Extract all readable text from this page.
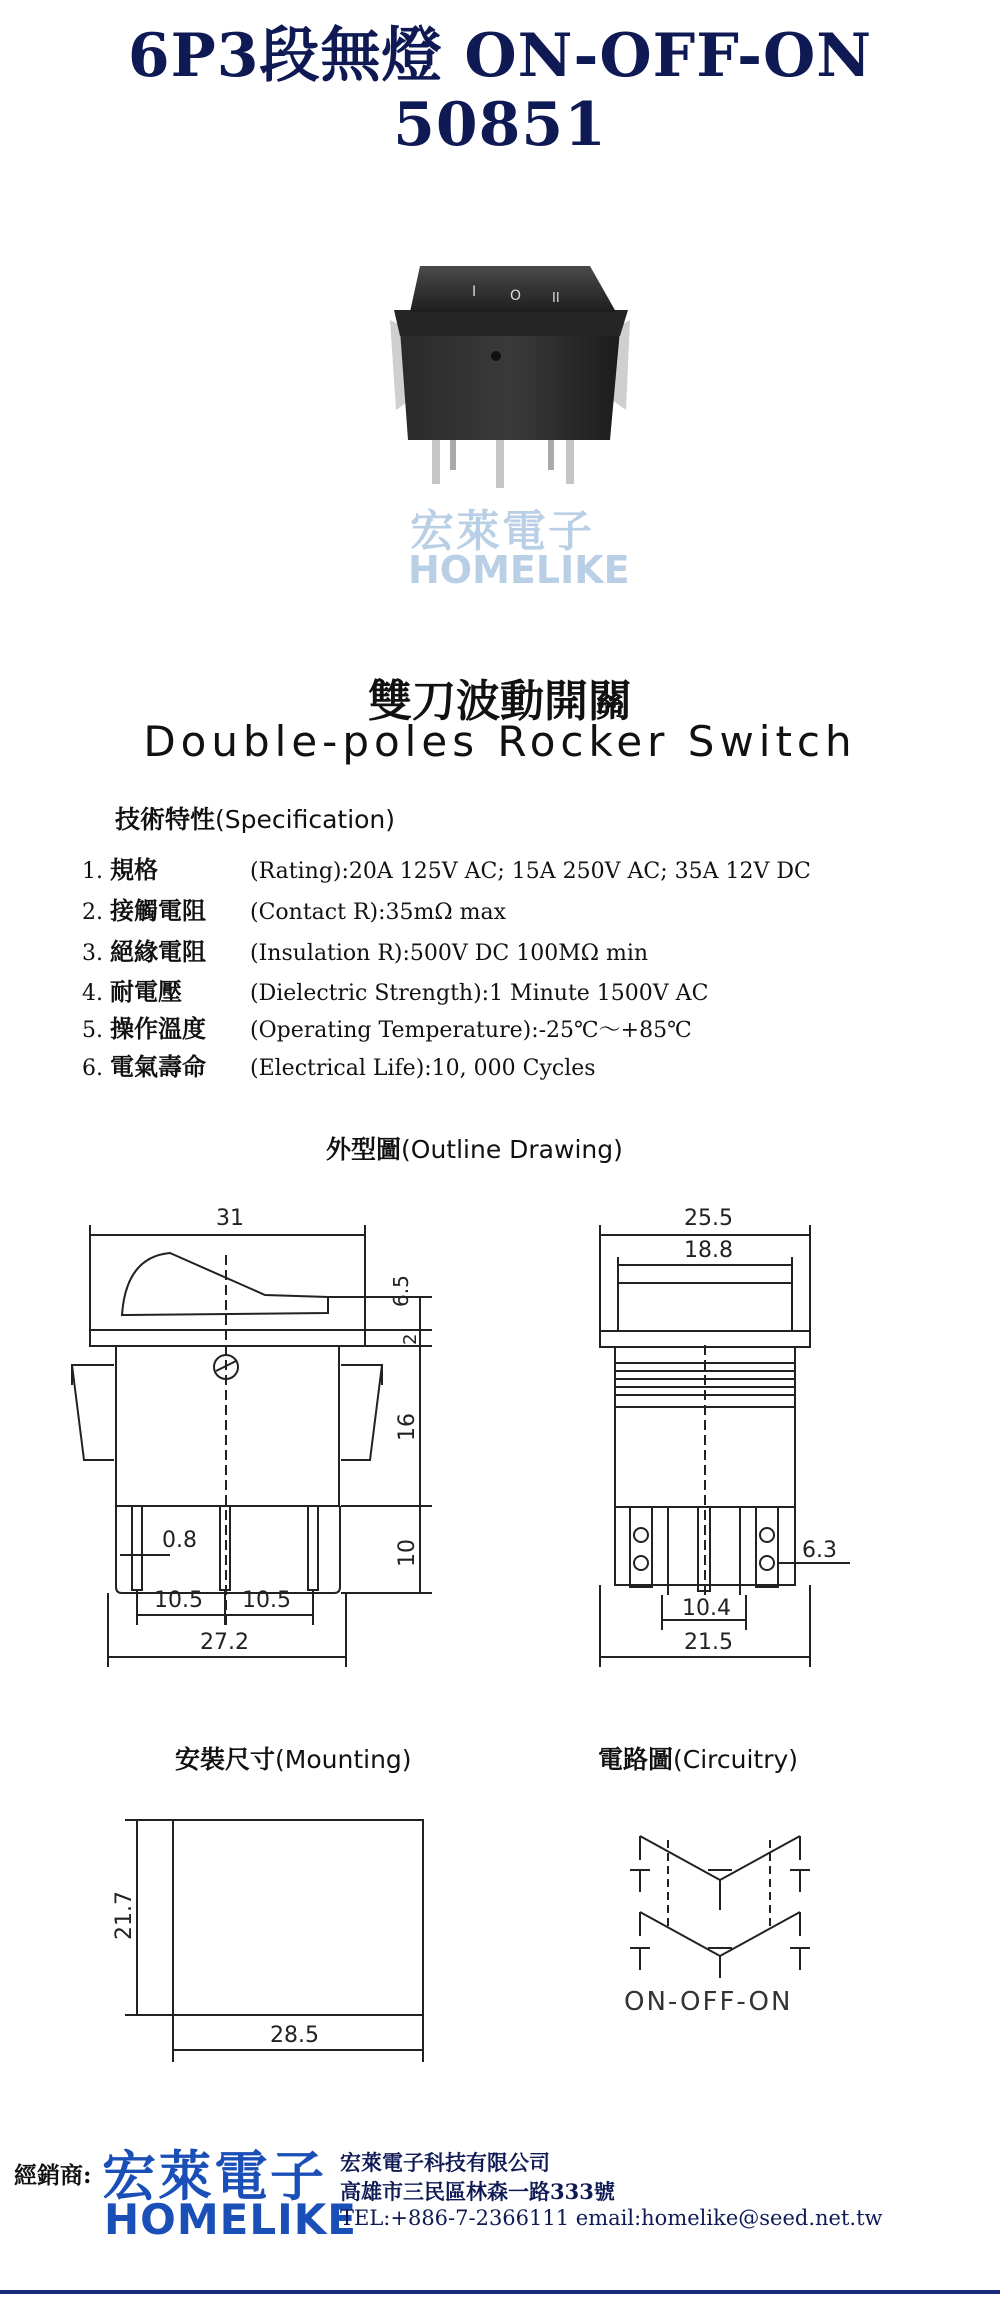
6P3段無燈 ON-OFF-ON
50851
I O II
宏萊電子
HOMELIKE
雙刀波動開關
Double-poles Rocker Switch
技術特性(Specification)
1. 規格	(Rating):20A 125V AC; 15A 250V AC; 35A 12V DC
2. 接觸電阻 (Contact R):35mΩ max
3. 絕緣電阻 (Insulation R):500V DC 100MΩ min
4. 耐電壓	(Dielectric Strength):1 Minute 1500V AC
5. 操作溫度 (Operating Temperature):-25℃～+85℃
6. 電氣壽命 (Electrical Life):10, 000 Cycles
外型圖(Outline Drawing)
31
6.5
2
16
10
0.8
10.5 10.5
27.2
25.5
18.8
6.3
10.4
21.5
安裝尺寸(Mounting)	電路圖(Circuitry)
21.7
28.5
ON-OFF-ON
經銷商: 宏萊電子
HOMELIKE
宏萊電子科技有限公司
高雄市三民區林森一路333號
TEL:+886-7-2366111 email:homelike@seed.net.tw
